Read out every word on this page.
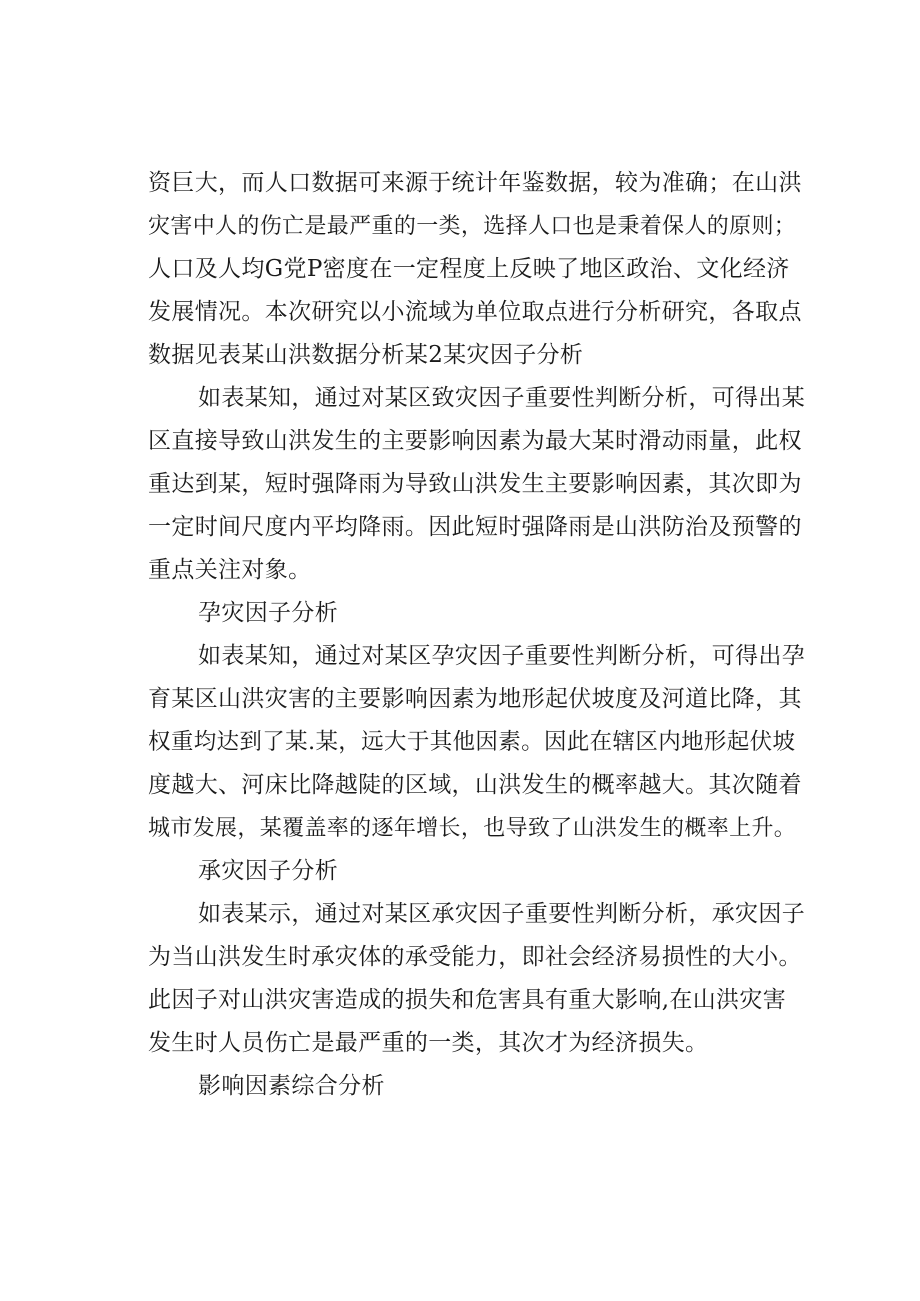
资巨大，而人口数据可来源于统计年鉴数据，较为准确；在山洪
灾害中人的伤亡是最严重的一类，选择人口也是秉着保人的原则；
人口及人均G党P密度在一定程度上反映了地区政治、文化经济
发展情况。本次研究以小流域为单位取点进行分析研究，各取点
数据见表某山洪数据分析某2某灾因子分析
如表某知，通过对某区致灾因子重要性判断分析，可得出某
区直接导致山洪发生的主要影响因素为最大某时滑动雨量，此权
重达到某，短时强降雨为导致山洪发生主要影响因素，其次即为
一定时间尺度内平均降雨。因此短时强降雨是山洪防治及预警的
重点关注对象。
孕灾因子分析
如表某知，通过对某区孕灾因子重要性判断分析，可得出孕
育某区山洪灾害的主要影响因素为地形起伏坡度及河道比降，其
权重均达到了某.某，远大于其他因素。因此在辖区内地形起伏坡
度越大、河床比降越陡的区域，山洪发生的概率越大。其次随着
城市发展，某覆盖率的逐年增长，也导致了山洪发生的概率上升。
承灾因子分析
如表某示，通过对某区承灾因子重要性判断分析，承灾因子
为当山洪发生时承灾体的承受能力，即社会经济易损性的大小。
此因子对山洪灾害造成的损失和危害具有重大影响,在山洪灾害
发生时人员伤亡是最严重的一类，其次才为经济损失。
影响因素综合分析
